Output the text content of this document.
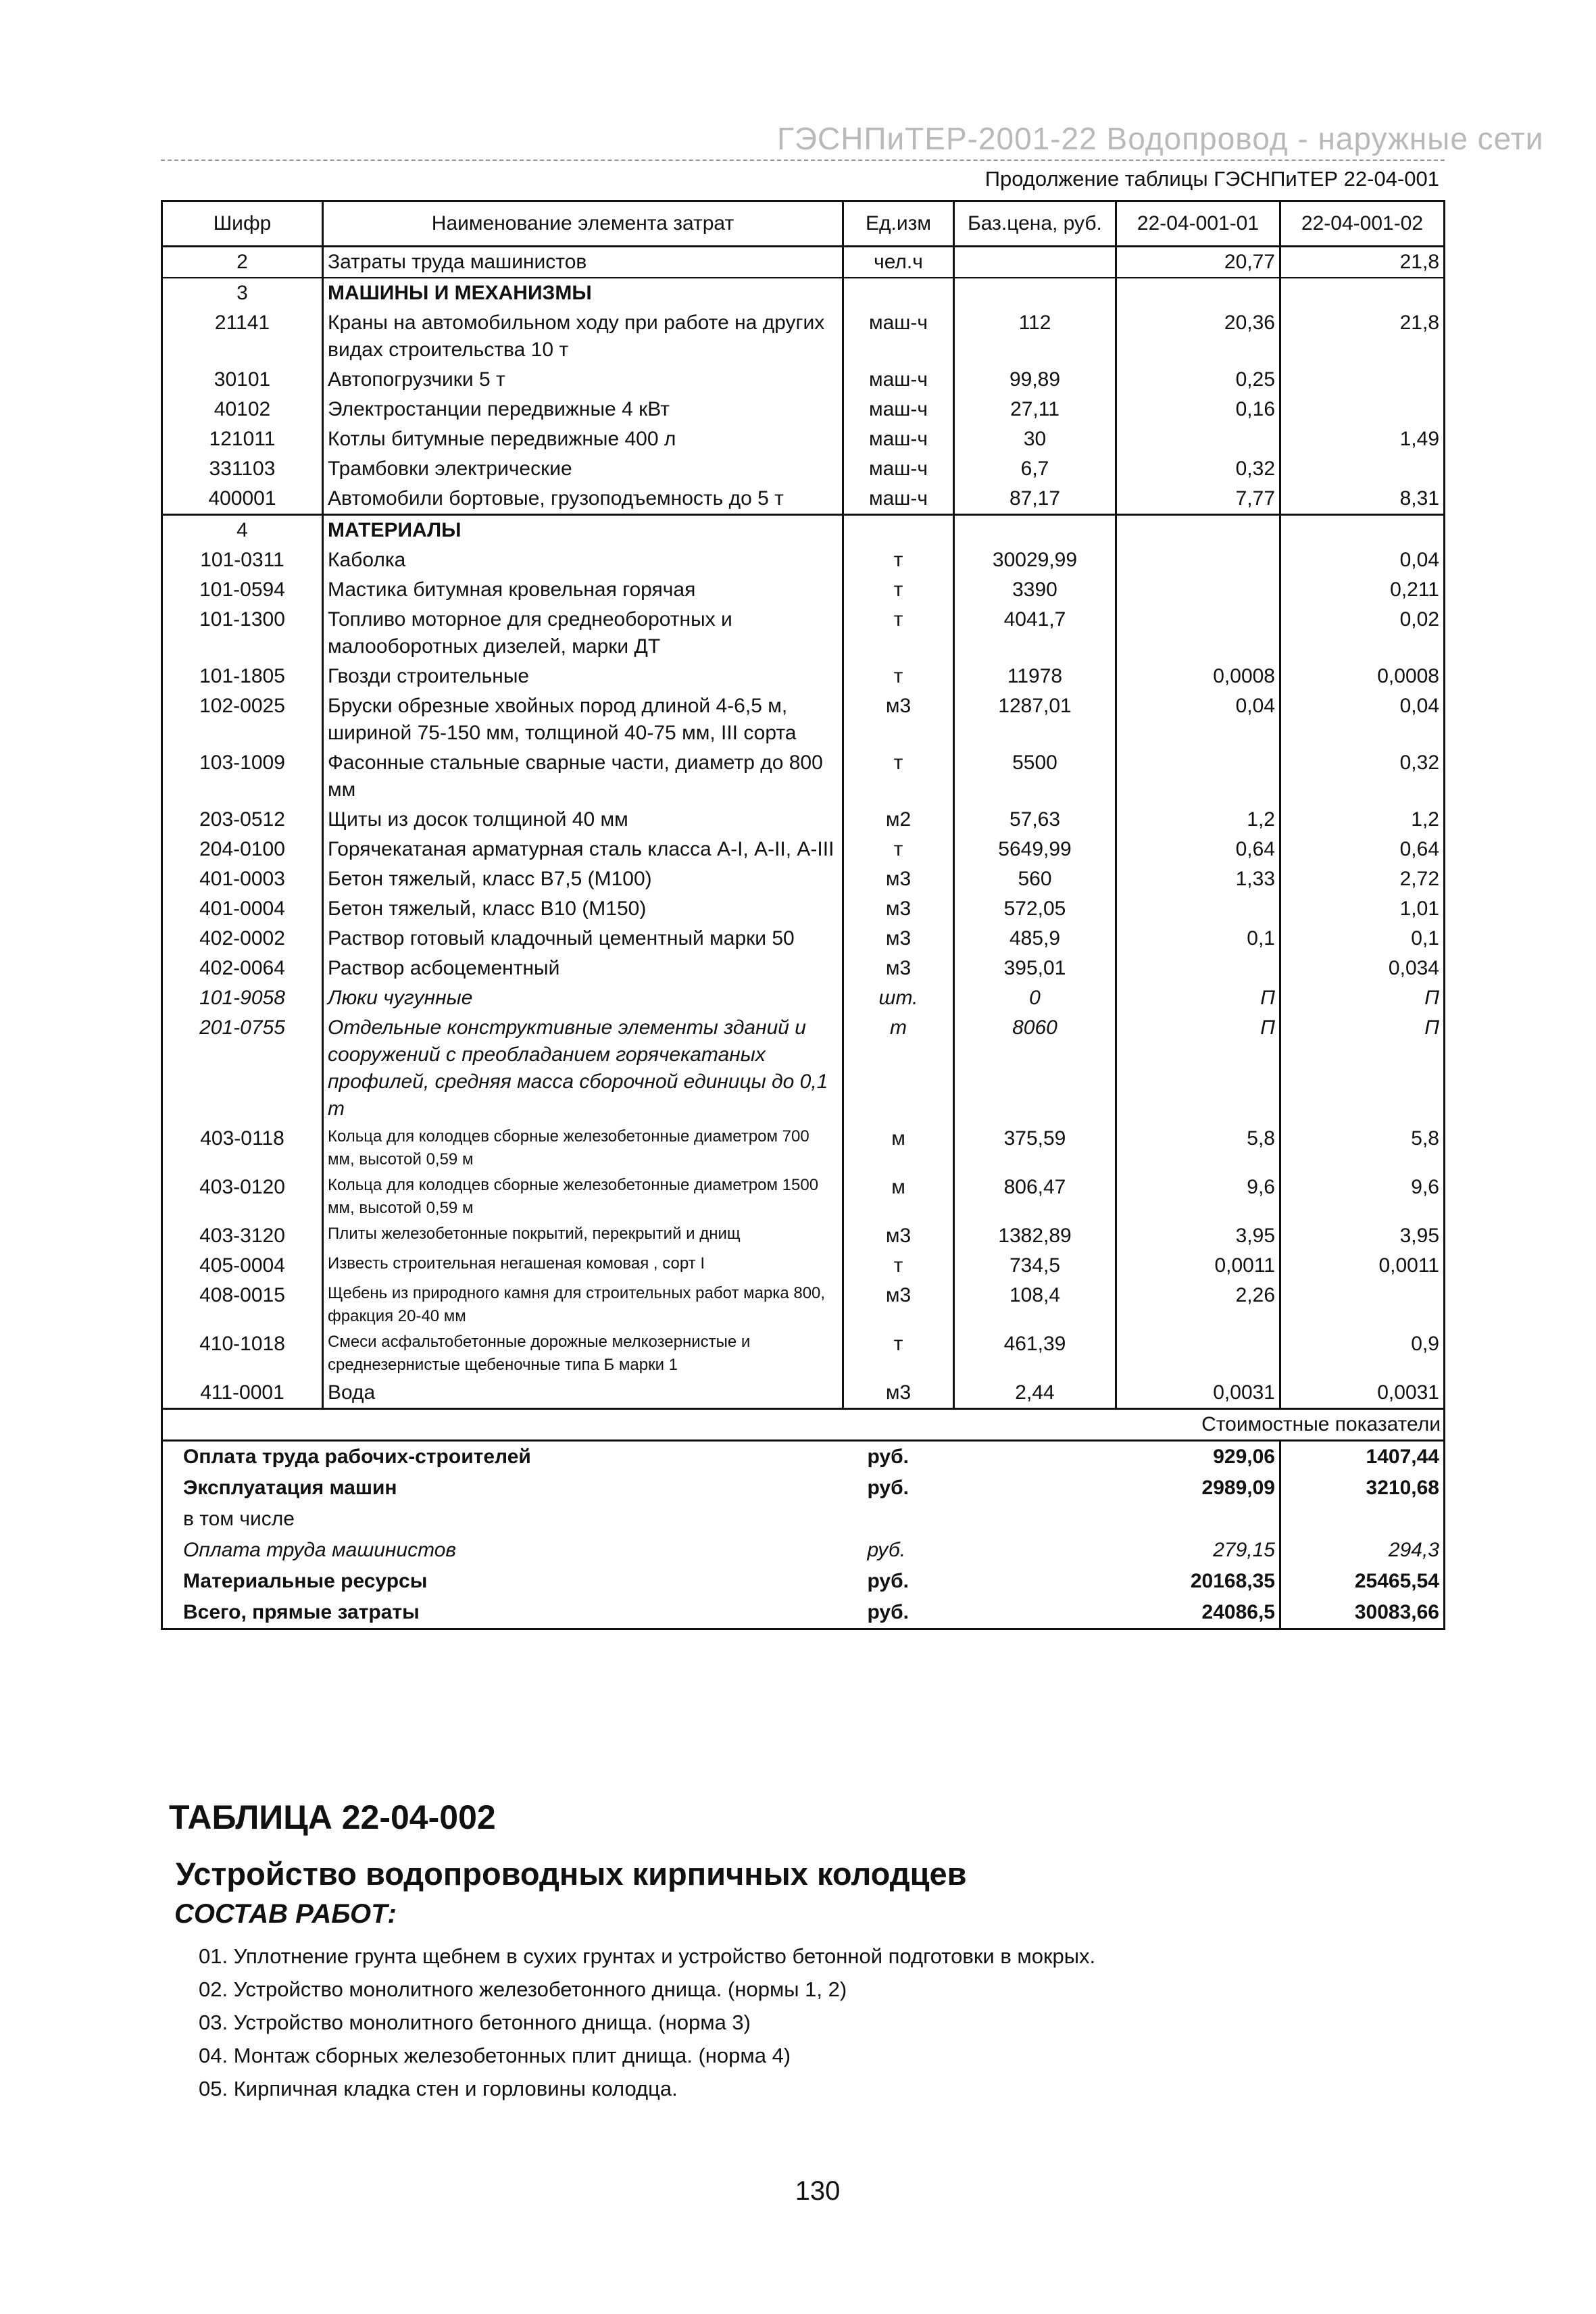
ГЭСНПиТЕР-2001-22 Водопровод - наружные сети
Продолжение таблицы ГЭСНПиТЕР 22-04-001
Шифр	Наименование элемента затрат	Ед.изм	Баз.цена, руб.	22-04-001-01	22-04-001-02
2	Затраты труда машинистов	чел.ч		20,77	21,8
3	МАШИНЫ И МЕХАНИЗМЫ				
21141	Краны на автомобильном ходу при работе на других видах строительства 10 т	маш-ч	112	20,36	21,8
30101	Автопогрузчики 5 т	маш-ч	99,89	0,25	
40102	Электростанции передвижные 4 кВт	маш-ч	27,11	0,16	
121011	Котлы битумные передвижные 400 л	маш-ч	30		1,49
331103	Трамбовки электрические	маш-ч	6,7	0,32	
400001	Автомобили бортовые, грузоподъемность до 5 т	маш-ч	87,17	7,77	8,31
4	МАТЕРИАЛЫ				
101-0311	Каболка	т	30029,99		0,04
101-0594	Мастика битумная кровельная горячая	т	3390		0,211
101-1300	Топливо моторное для среднеоборотных и малооборотных дизелей, марки ДТ	т	4041,7		0,02
101-1805	Гвозди строительные	т	11978	0,0008	0,0008
102-0025	Бруски обрезные хвойных пород длиной 4-6,5 м, шириной 75-150 мм, толщиной 40-75 мм, III сорта	м3	1287,01	0,04	0,04
103-1009	Фасонные стальные сварные части, диаметр до 800 мм	т	5500		0,32
203-0512	Щиты из досок толщиной 40 мм	м2	57,63	1,2	1,2
204-0100	Горячекатаная арматурная сталь класса А-I, А-II, А-III	т	5649,99	0,64	0,64
401-0003	Бетон тяжелый, класс В7,5 (М100)	м3	560	1,33	2,72
401-0004	Бетон тяжелый, класс В10 (М150)	м3	572,05		1,01
402-0002	Раствор готовый кладочный цементный марки 50	м3	485,9	0,1	0,1
402-0064	Раствор асбоцементный	м3	395,01		0,034
101-9058	Люки чугунные	шт.	0	П	П
201-0755	Отдельные конструктивные элементы зданий и сооружений с преобладанием горячекатаных профилей, средняя масса сборочной единицы до 0,1 т	т	8060	П	П
403-0118	Кольца для колодцев сборные железобетонные диаметром 700 мм, высотой 0,59 м	м	375,59	5,8	5,8
403-0120	Кольца для колодцев сборные железобетонные диаметром 1500 мм, высотой 0,59 м	м	806,47	9,6	9,6
403-3120	Плиты железобетонные покрытий, перекрытий и днищ	м3	1382,89	3,95	3,95
405-0004	Известь строительная негашеная комовая , сорт I	т	734,5	0,0011	0,0011
408-0015	Щебень из природного камня для строительных работ марка 800, фракция 20-40 мм	м3	108,4	2,26	
410-1018	Смеси асфальтобетонные дорожные мелкозернистые и среднезернистые щебеночные типа Б марки 1	т	461,39		0,9
411-0001	Вода	м3	2,44	0,0031	0,0031
Стоимостные показатели					
Оплата труда рабочих-строителей		руб.		929,06	1407,44
Эксплуатация машин		руб.		2989,09	3210,68
в том числе					
Оплата труда машинистов		руб.		279,15	294,3
Материальные ресурсы		руб.		20168,35	25465,54
Всего, прямые затраты		руб.		24086,5	30083,66
ТАБЛИЦА 22-04-002
Устройство водопроводных кирпичных колодцев
СОСТАВ РАБОТ:
01. Уплотнение грунта щебнем в сухих грунтах и устройство бетонной подготовки в мокрых.
02. Устройство монолитного железобетонного днища. (нормы 1, 2)
03. Устройство монолитного бетонного днища. (норма 3)
04. Монтаж сборных железобетонных плит днища. (норма 4)
05. Кирпичная кладка стен и горловины колодца.
130
